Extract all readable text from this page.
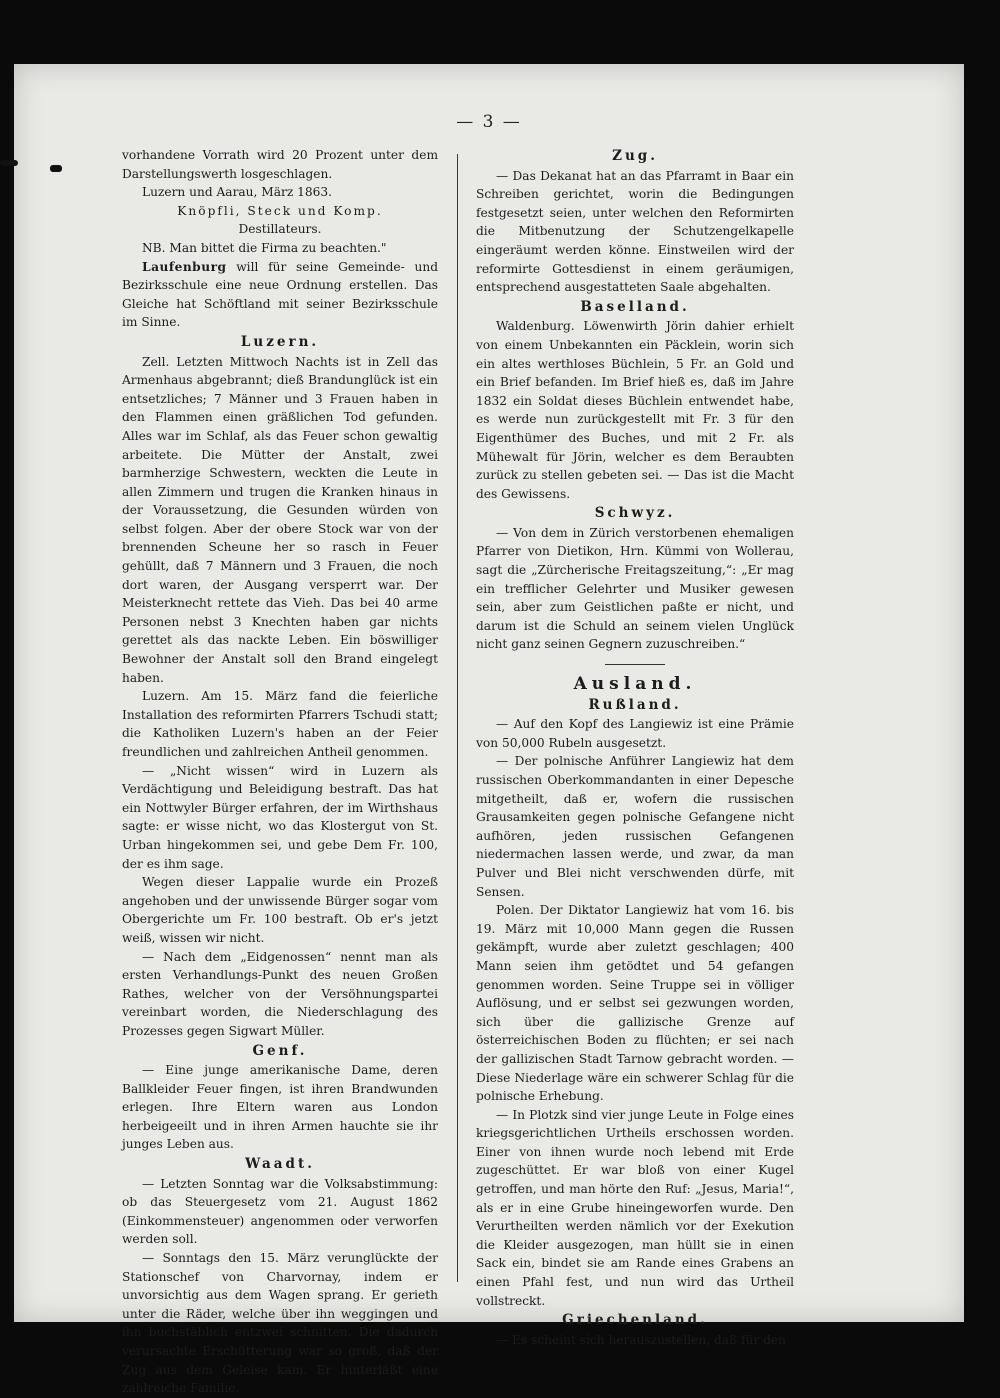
— 3 —

vorhandene Vorrath wird 20 Prozent unter dem Darstellungswerth losgeschlagen.

Luzern und Aarau, März 1863.

Knöpfli, Steck und Komp.

Destillateurs.

NB. Man bittet die Firma zu beachten."

Laufenburg will für seine Gemeinde- und Bezirksschule eine neue Ordnung erstellen. Das Gleiche hat Schöftland mit seiner Bezirksschule im Sinne.

Luzern.

Zell. Letzten Mittwoch Nachts ist in Zell das Armenhaus abgebrannt; dieß Brandunglück ist ein entsetzliches; 7 Männer und 3 Frauen haben in den Flammen einen gräßlichen Tod gefunden. Alles war im Schlaf, als das Feuer schon gewaltig arbeitete. Die Mütter der Anstalt, zwei barmherzige Schwestern, weckten die Leute in allen Zimmern und trugen die Kranken hinaus in der Voraussetzung, die Gesunden würden von selbst folgen. Aber der obere Stock war von der brennenden Scheune her so rasch in Feuer gehüllt, daß 7 Männern und 3 Frauen, die noch dort waren, der Ausgang versperrt war. Der Meisterknecht rettete das Vieh. Das bei 40 arme Personen nebst 3 Knechten haben gar nichts gerettet als das nackte Leben. Ein böswilliger Bewohner der Anstalt soll den Brand eingelegt haben.

Luzern. Am 15. März fand die feierliche Installation des reformirten Pfarrers Tschudi statt; die Katholiken Luzern's haben an der Feier freundlichen und zahlreichen Antheil genommen.

— „Nicht wissen“ wird in Luzern als Verdächtigung und Beleidigung bestraft. Das hat ein Nottwyler Bürger erfahren, der im Wirthshaus sagte: er wisse nicht, wo das Klostergut von St. Urban hingekommen sei, und gebe Dem Fr. 100, der es ihm sage.

Wegen dieser Lappalie wurde ein Prozeß angehoben und der unwissende Bürger sogar vom Obergerichte um Fr. 100 bestraft. Ob er's jetzt weiß, wissen wir nicht.

— Nach dem „Eidgenossen“ nennt man als ersten Verhandlungs-Punkt des neuen Großen Rathes, welcher von der Versöhnungspartei vereinbart worden, die Niederschlagung des Prozesses gegen Sigwart Müller.

Genf.

— Eine junge amerikanische Dame, deren Ballkleider Feuer fingen, ist ihren Brandwunden erlegen. Ihre Eltern waren aus London herbeigeeilt und in ihren Armen hauchte sie ihr junges Leben aus.

Waadt.

— Letzten Sonntag war die Volksabstimmung: ob das Steuergesetz vom 21. August 1862 (Einkommensteuer) angenommen oder verworfen werden soll.

— Sonntags den 15. März verunglückte der Stationschef von Charvornay, indem er unvorsichtig aus dem Wagen sprang. Er gerieth unter die Räder, welche über ihn weggingen und ihn buchstäblich entzwei schnitten. Die dadurch verursachte Erschütterung war so groß, daß der Zug aus dem Geleise kam. Er hinterläßt eine zahlreiche Familie.

Zug.

— Das Dekanat hat an das Pfarramt in Baar ein Schreiben gerichtet, worin die Bedingungen festgesetzt seien, unter welchen den Reformirten die Mitbenutzung der Schutzengelkapelle eingeräumt werden könne. Einstweilen wird der reformirte Gottesdienst in einem geräumigen, entsprechend ausgestatteten Saale abgehalten.

Baselland.

Waldenburg. Löwenwirth Jörin dahier erhielt von einem Unbekannten ein Päcklein, worin sich ein altes werthloses Büchlein, 5 Fr. an Gold und ein Brief befanden. Im Brief hieß es, daß im Jahre 1832 ein Soldat dieses Büchlein entwendet habe, es werde nun zurückgestellt mit Fr. 3 für den Eigenthümer des Buches, und mit 2 Fr. als Mühewalt für Jörin, welcher es dem Beraubten zurück zu stellen gebeten sei. — Das ist die Macht des Gewissens.

Schwyz.

— Von dem in Zürich verstorbenen ehemaligen Pfarrer von Dietikon, Hrn. Kümmi von Wollerau, sagt die „Zürcherische Freitagszeitung,“: „Er mag ein trefflicher Gelehrter und Musiker gewesen sein, aber zum Geistlichen paßte er nicht, und darum ist die Schuld an seinem vielen Unglück nicht ganz seinen Gegnern zuzuschreiben.“

Ausland.
Rußland.

— Auf den Kopf des Langiewiz ist eine Prämie von 50,000 Rubeln ausgesetzt.

— Der polnische Anführer Langiewiz hat dem russischen Oberkommandanten in einer Depesche mitgetheilt, daß er, wofern die russischen Grausamkeiten gegen polnische Gefangene nicht aufhören, jeden russischen Gefangenen niedermachen lassen werde, und zwar, da man Pulver und Blei nicht verschwenden dürfe, mit Sensen.

Polen. Der Diktator Langiewiz hat vom 16. bis 19. März mit 10,000 Mann gegen die Russen gekämpft, wurde aber zuletzt geschlagen; 400 Mann seien ihm getödtet und 54 gefangen genommen worden. Seine Truppe sei in völliger Auflösung, und er selbst sei gezwungen worden, sich über die gallizische Grenze auf österreichischen Boden zu flüchten; er sei nach der gallizischen Stadt Tarnow gebracht worden. — Diese Niederlage wäre ein schwerer Schlag für die polnische Erhebung.

— In Plotzk sind vier junge Leute in Folge eines kriegsgerichtlichen Urtheils erschossen worden. Einer von ihnen wurde noch lebend mit Erde zugeschüttet. Er war bloß von einer Kugel getroffen, und man hörte den Ruf: „Jesus, Maria!“, als er in eine Grube hineingeworfen wurde. Den Verurtheilten werden nämlich vor der Exekution die Kleider ausgezogen, man hüllt sie in einen Sack ein, bindet sie am Rande eines Grabens an einen Pfahl fest, und nun wird das Urtheil vollstreckt.

Griechenland.

— Es scheint sich herauszustellen, daß für den
